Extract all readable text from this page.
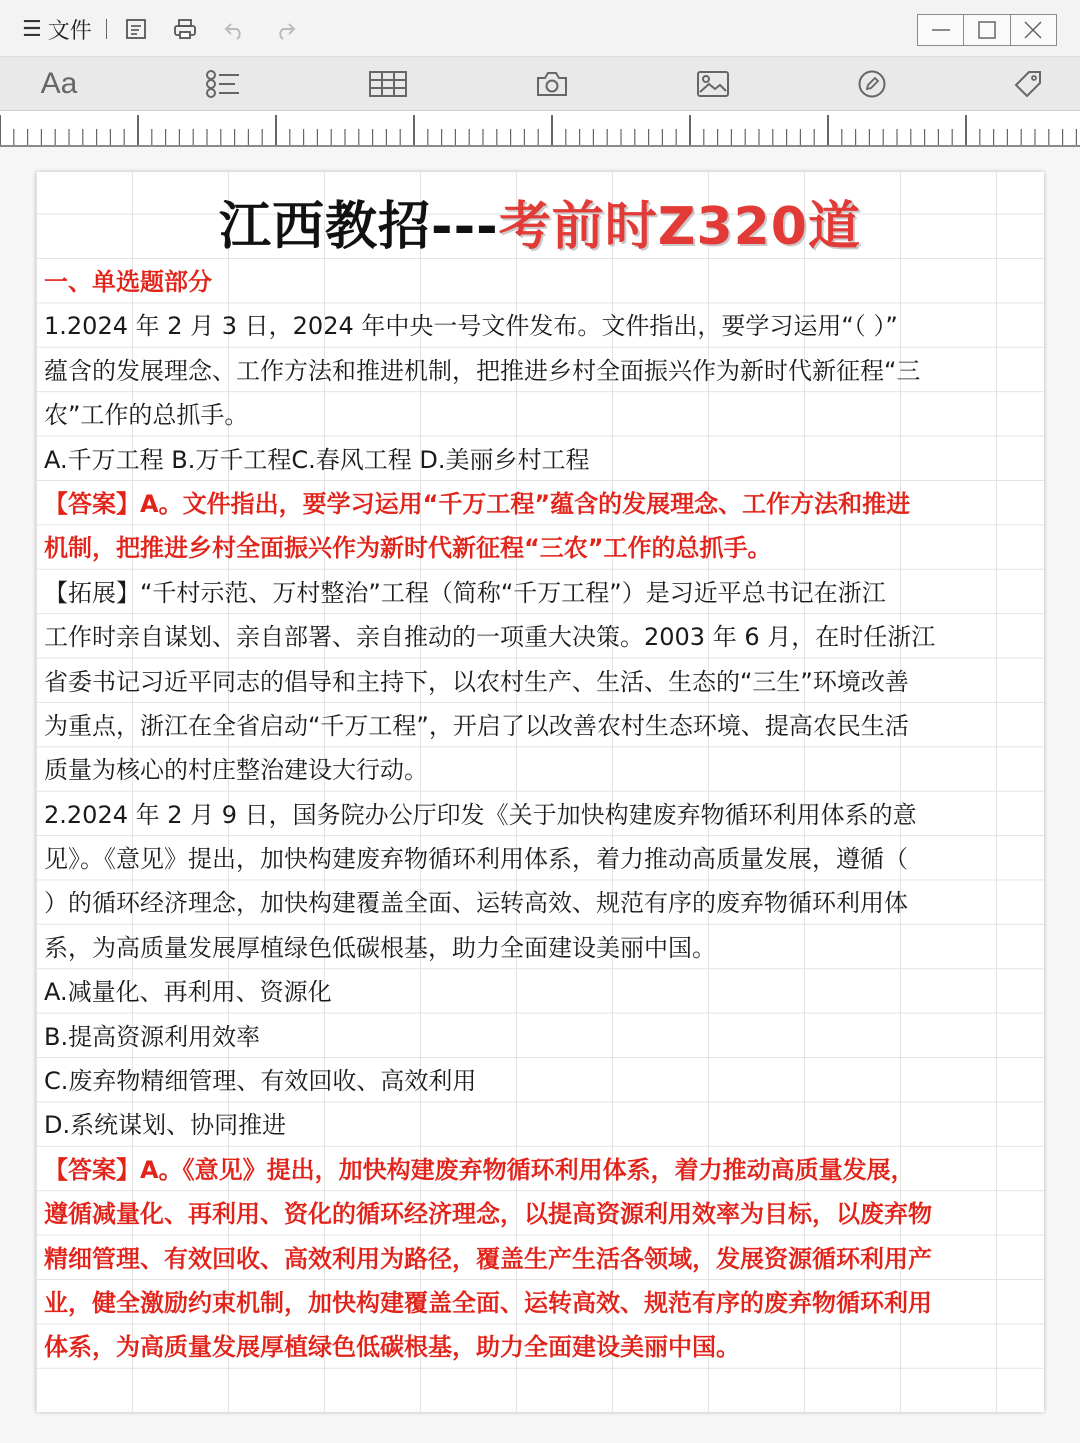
☰ 文件
Aa
江西教招---考前时Z320道
一、单选题部分
1.2024 年 2 月 3 日，2024 年中央一号文件发布。文件指出，要学习运用“（ ）”
蕴含的发展理念、工作方法和推进机制，把推进乡村全面振兴作为新时代新征程“三
农”工作的总抓手。
A.千万工程 B.万千工程C.春风工程 D.美丽乡村工程
【答案】A。文件指出，要学习运用“千万工程”蕴含的发展理念、工作方法和推进
机制，把推进乡村全面振兴作为新时代新征程“三农”工作的总抓手。
【拓展】“千村示范、万村整治”工程（简称“千万工程”）是习近平总书记在浙江
工作时亲自谋划、亲自部署、亲自推动的一项重大决策。2003 年 6 月，在时任浙江
省委书记习近平同志的倡导和主持下，以农村生产、生活、生态的“三生”环境改善
为重点，浙江在全省启动“千万工程”，开启了以改善农村生态环境、提高农民生活
质量为核心的村庄整治建设大行动。
2.2024 年 2 月 9 日，国务院办公厅印发《关于加快构建废弃物循环利用体系的意
见》。《意见》提出，加快构建废弃物循环利用体系，着力推动高质量发展，遵循（
）的循环经济理念，加快构建覆盖全面、运转高效、规范有序的废弃物循环利用体
系，为高质量发展厚植绿色低碳根基，助力全面建设美丽中国。
A.减量化、再利用、资源化
B.提高资源利用效率
C.废弃物精细管理、有效回收、高效利用
D.系统谋划、协同推进
【答案】A。《意见》提出，加快构建废弃物循环利用体系，着力推动高质量发展，
遵循减量化、再利用、资化的循环经济理念，以提高资源利用效率为目标，以废弃物
精细管理、有效回收、高效利用为路径，覆盖生产生活各领域，发展资源循环利用产
业，健全激励约束机制，加快构建覆盖全面、运转高效、规范有序的废弃物循环利用
体系，为高质量发展厚植绿色低碳根基，助力全面建设美丽中国。
